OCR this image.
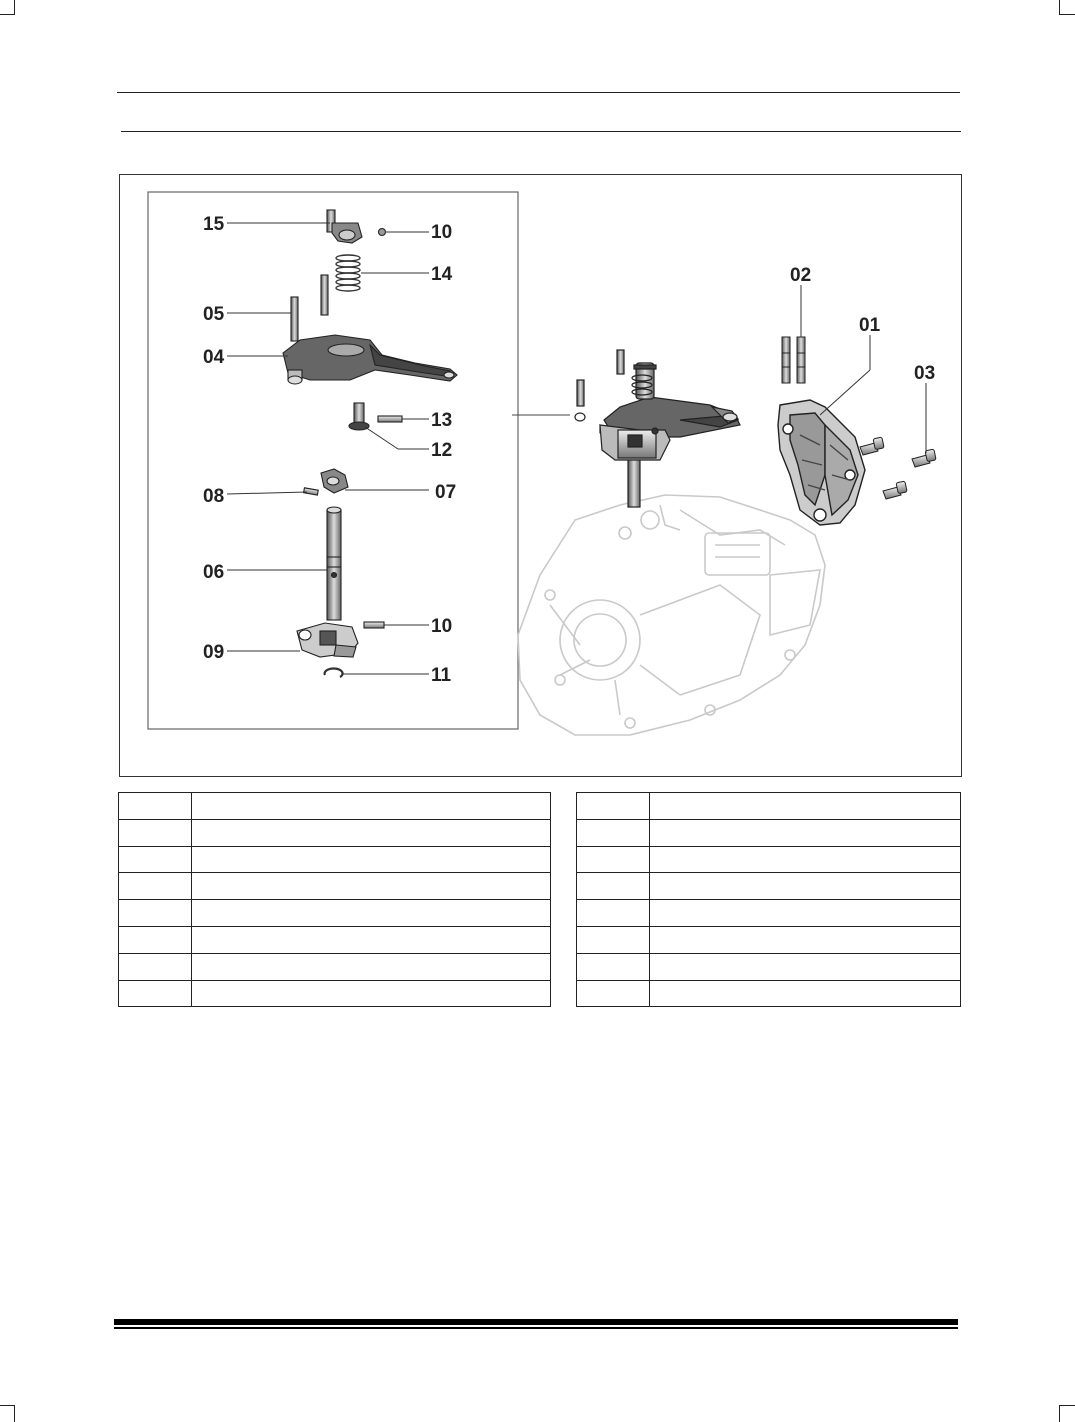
15	10
14
05
04
13
12
08	07
06
10
09
11
02
01
03
